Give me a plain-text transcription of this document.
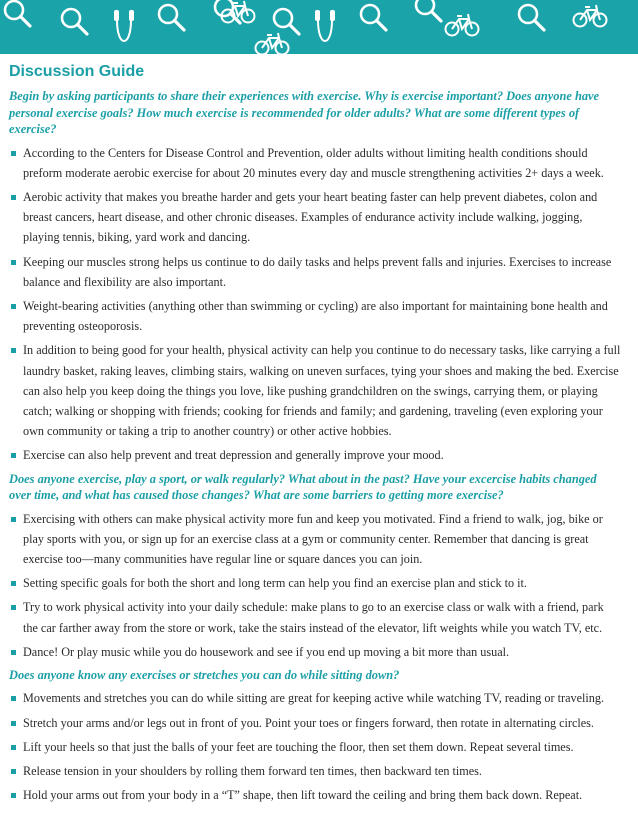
Discussion Guide

Begin by asking participants to share their experiences with exercise. Why is exercise important? Does anyone have personal exercise goals? How much exercise is recommended for older adults? What are some different types of exercise?

According to the Centers for Disease Control and Prevention, older adults without limiting health conditions should preform moderate aerobic exercise for about 20 minutes every day and muscle strengthening activities 2+ days a week.
Aerobic activity that makes you breathe harder and gets your heart beating faster can help prevent diabetes, colon and breast cancers, heart disease, and other chronic diseases. Examples of endurance activity include walking, jogging, playing tennis, biking, yard work and dancing.
Keeping our muscles strong helps us continue to do daily tasks and helps prevent falls and injuries. Exercises to increase balance and flexibility are also important.
Weight-bearing activities (anything other than swimming or cycling) are also important for maintaining bone health and preventing osteoporosis.
In addition to being good for your health, physical activity can help you continue to do necessary tasks, like carrying a full laundry basket, raking leaves, climbing stairs, walking on uneven surfaces, tying your shoes and making the bed. Exercise can also help you keep doing the things you love, like pushing grandchildren on the swings, carrying them, or playing catch; walking or shopping with friends; cooking for friends and family; and gardening, traveling (even exploring your own community or taking a trip to another country) or other active hobbies.
Exercise can also help prevent and treat depression and generally improve your mood.

Does anyone exercise, play a sport, or walk regularly? What about in the past? Have your excercise habits changed over time, and what has caused those changes? What are some barriers to getting more exercise?

Exercising with others can make physical activity more fun and keep you motivated. Find a friend to walk, jog, bike or play sports with you, or sign up for an exercise class at a gym or community center. Remember that dancing is great exercise too—many communities have regular line or square dances you can join.
Setting specific goals for both the short and long term can help you find an exercise plan and stick to it.
Try to work physical activity into your daily schedule: make plans to go to an exercise class or walk with a friend, park the car farther away from the store or work, take the stairs instead of the elevator, lift weights while you watch TV, etc.
Dance! Or play music while you do housework and see if you end up moving a bit more than usual.

Does anyone know any exercises or stretches you can do while sitting down?

Movements and stretches you can do while sitting are great for keeping active while watching TV, reading or traveling.
Stretch your arms and/or legs out in front of you. Point your toes or fingers forward, then rotate in alternating circles.
Lift your heels so that just the balls of your feet are touching the floor, then set them down. Repeat several times.
Release tension in your shoulders by rolling them forward ten times, then backward ten times.
Hold your arms out from your body in a “T” shape, then lift toward the ceiling and bring them back down. Repeat.
